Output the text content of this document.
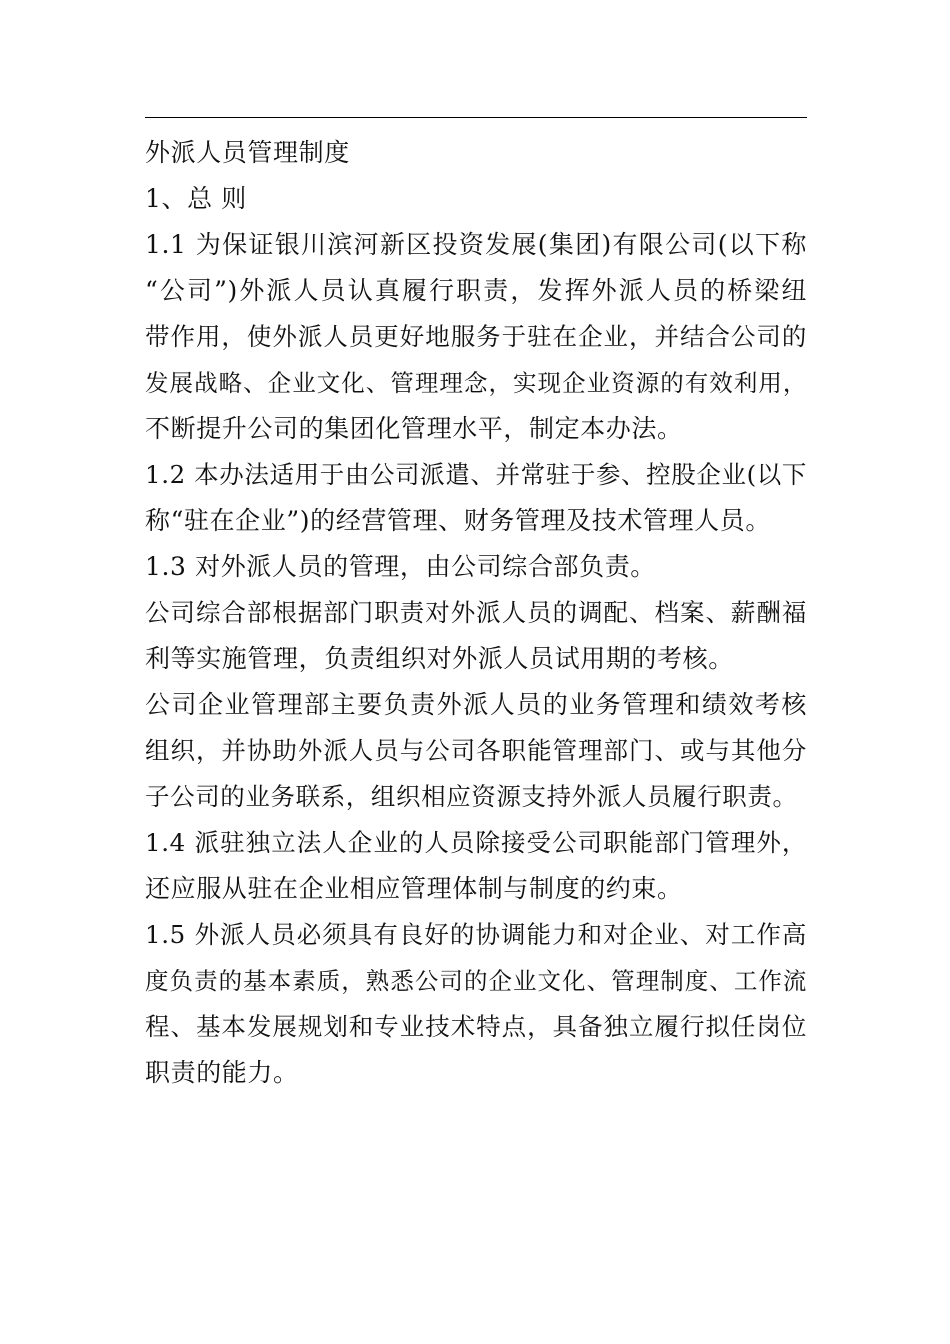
外派人员管理制度
1、总 则
1.1 为保证银川滨河新区投资发展(集团)有限公司(以下称
“公司”)外派人员认真履行职责，发挥外派人员的桥梁纽
带作用，使外派人员更好地服务于驻在企业，并结合公司的
发展战略、企业文化、管理理念，实现企业资源的有效利用，
不断提升公司的集团化管理水平，制定本办法。
1.2 本办法适用于由公司派遣、并常驻于参、控股企业(以下
称“驻在企业”)的经营管理、财务管理及技术管理人员。
1.3 对外派人员的管理，由公司综合部负责。
公司综合部根据部门职责对外派人员的调配、档案、薪酬福
利等实施管理，负责组织对外派人员试用期的考核。
公司企业管理部主要负责外派人员的业务管理和绩效考核
组织，并协助外派人员与公司各职能管理部门、或与其他分
子公司的业务联系，组织相应资源支持外派人员履行职责。
1.4 派驻独立法人企业的人员除接受公司职能部门管理外，
还应服从驻在企业相应管理体制与制度的约束。
1.5 外派人员必须具有良好的协调能力和对企业、对工作高
度负责的基本素质，熟悉公司的企业文化、管理制度、工作流
程、基本发展规划和专业技术特点，具备独立履行拟任岗位
职责的能力。
